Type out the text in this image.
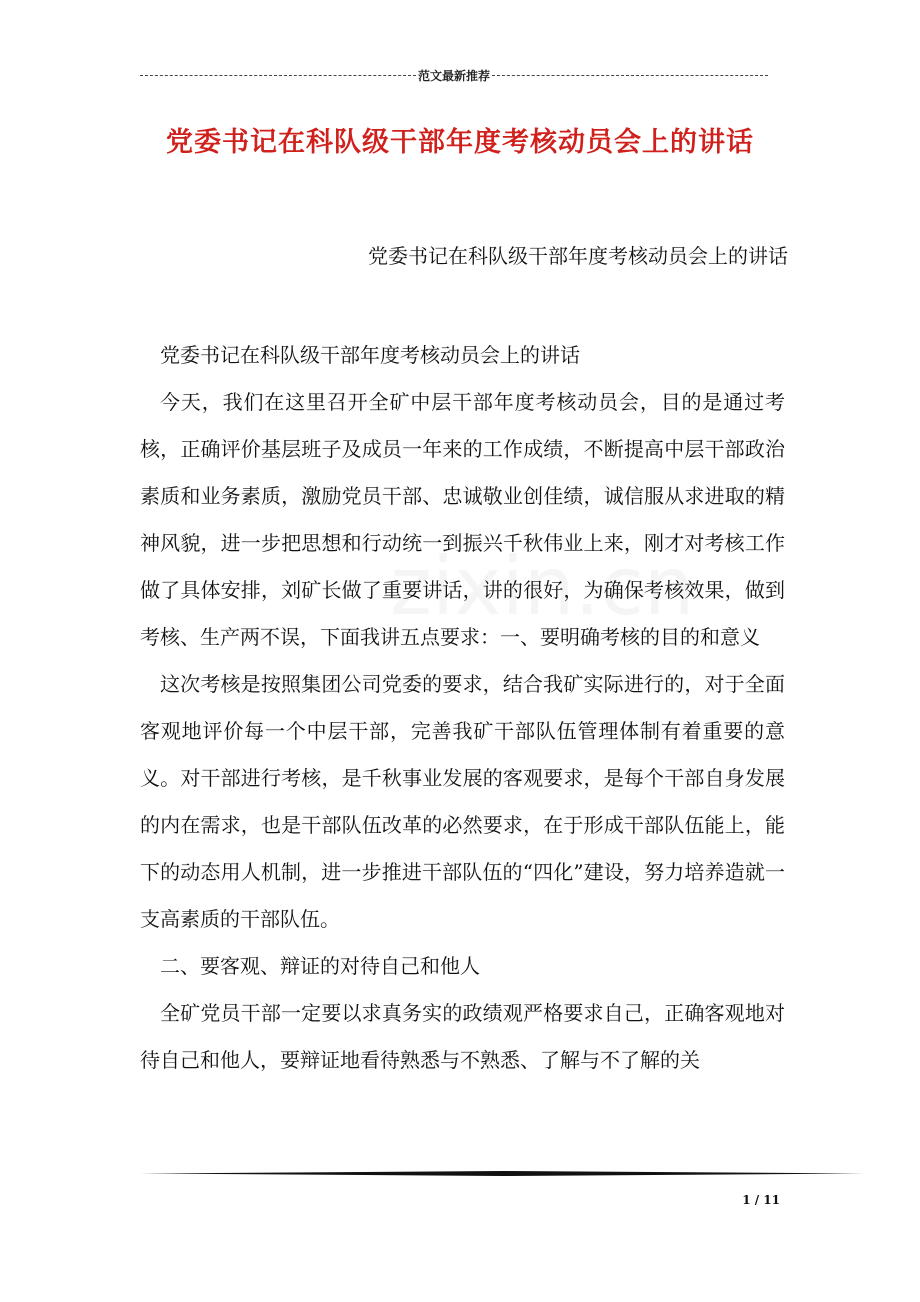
范文最新推荐
党委书记在科队级干部年度考核动员会上的讲话
党委书记在科队级干部年度考核动员会上的讲话

党委书记在科队级干部年度考核动员会上的讲话

今天，我们在这里召开全矿中层干部年度考核动员会，目的是通过考核，正确评价基层班子及成员一年来的工作成绩，不断提高中层干部政治素质和业务素质，激励党员干部、忠诚敬业创佳绩，诚信服从求进取的精神风貌，进一步把思想和行动统一到振兴千秋伟业上来，刚才对考核工作做了具体安排，刘矿长做了重要讲话，讲的很好，为确保考核效果，做到考核、生产两不误，下面我讲五点要求：一、要明确考核的目的和意义

这次考核是按照集团公司党委的要求，结合我矿实际进行的，对于全面客观地评价每一个中层干部，完善我矿干部队伍管理体制有着重要的意义。对干部进行考核，是千秋事业发展的客观要求，是每个干部自身发展的内在需求，也是干部队伍改革的必然要求，在于形成干部队伍能上，能下的动态用人机制，进一步推进干部队伍的“四化”建设，努力培养造就一支高素质的干部队伍。

二、要客观、辩证的对待自己和他人

全矿党员干部一定要以求真务实的政绩观严格要求自己，正确客观地对待自己和他人，要辩证地看待熟悉与不熟悉、了解与不了解的关

1 / 11
